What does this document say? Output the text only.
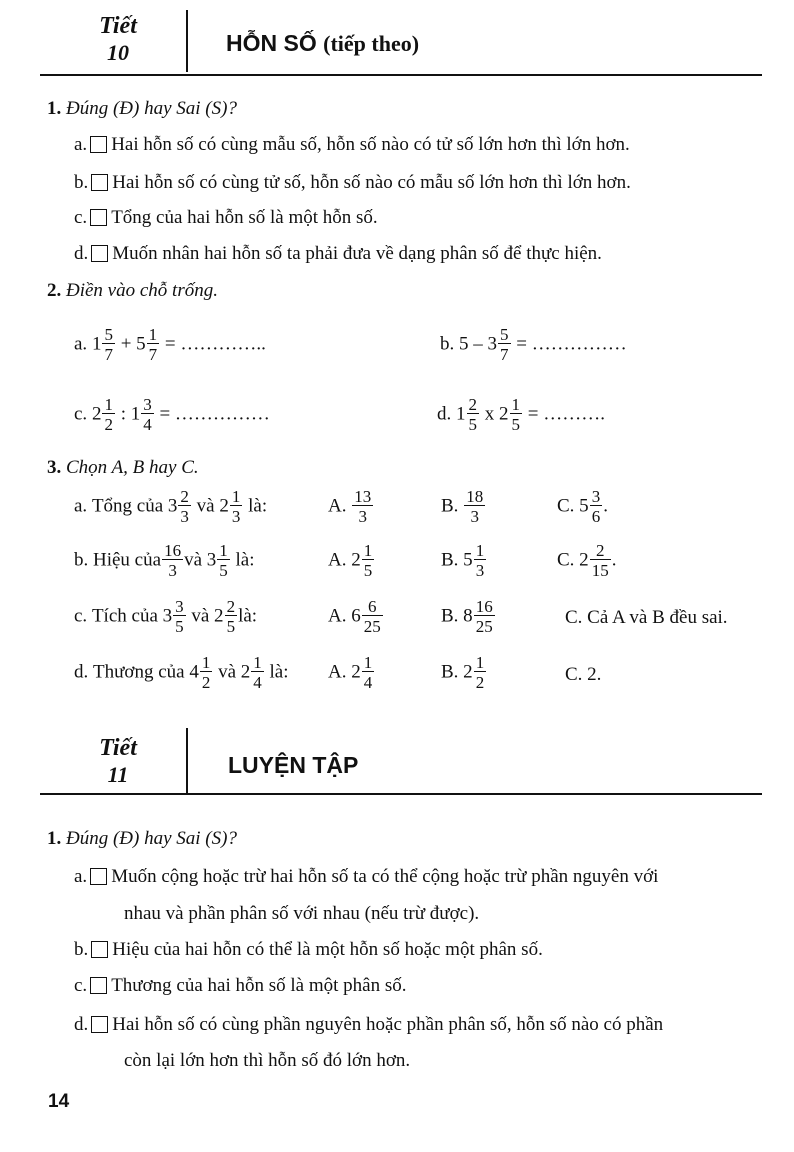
Tiết
10	HỖN SỐ (tiếp theo)
1. Đúng (Đ) hay Sai (S)?
a. Hai hỗn số có cùng mẫu số, hỗn số nào có tử số lớn hơn thì lớn hơn.
b. Hai hỗn số có cùng tử số, hỗn số nào có mẫu số lớn hơn thì lớn hơn.
c. Tổng của hai hỗn số là một hỗn số.
d. Muốn nhân hai hỗn số ta phải đưa về dạng phân số để thực hiện.
2. Điền vào chỗ trống.
a. $1 \frac{5}{7} + 5 \frac{1}{7}$ = …………..	b. $5 - 3 \frac{5}{7}$ = ……………
c. $2 \frac{1}{2}$ : $1 \frac{3}{4}$ = ……………	d. $1 \frac{2}{5}$ x $2 \frac{1}{5}$ = ……….
3. Chọn A, B hay C.
a. Tổng của $3 \frac{2}{3}$ và $2 \frac{1}{3}$ là:	A. $\frac{13}{3}$	B. $\frac{18}{3}$	C. $5 \frac{3}{6}$ .
b. Hiệu của $\frac{16}{3}$ và $3 \frac{1}{5}$ là:	A. $2 \frac{1}{5}$	B. $5 \frac{1}{3}$	C. $2 \frac{2}{15}$ .
c. Tích của $3 \frac{3}{5}$ và $2 \frac{2}{5}$ là:	A. $6 \frac{6}{25}$	B. $8 \frac{16}{25}$	C. Cả A và B đều sai.
d. Thương của $4 \frac{1}{2}$ và $2 \frac{1}{4}$ là: A. $2 \frac{1}{4}$	B. $2 \frac{1}{2}$	C. 2.
Tiết
11	LUYỆN TẬP
1. Đúng (Đ) hay Sai (S)?
a. Muốn cộng hoặc trừ hai hỗn số ta có thể cộng hoặc trừ phần nguyên với
nhau và phần phân số với nhau (nếu trừ được).
b. Hiệu của hai hỗn có thể là một hỗn số hoặc một phân số.
c. Thương của hai hỗn số là một phân số.
d. Hai hỗn số có cùng phần nguyên hoặc phần phân số, hỗn số nào có phần
còn lại lớn hơn thì hỗn số đó lớn hơn.
14
